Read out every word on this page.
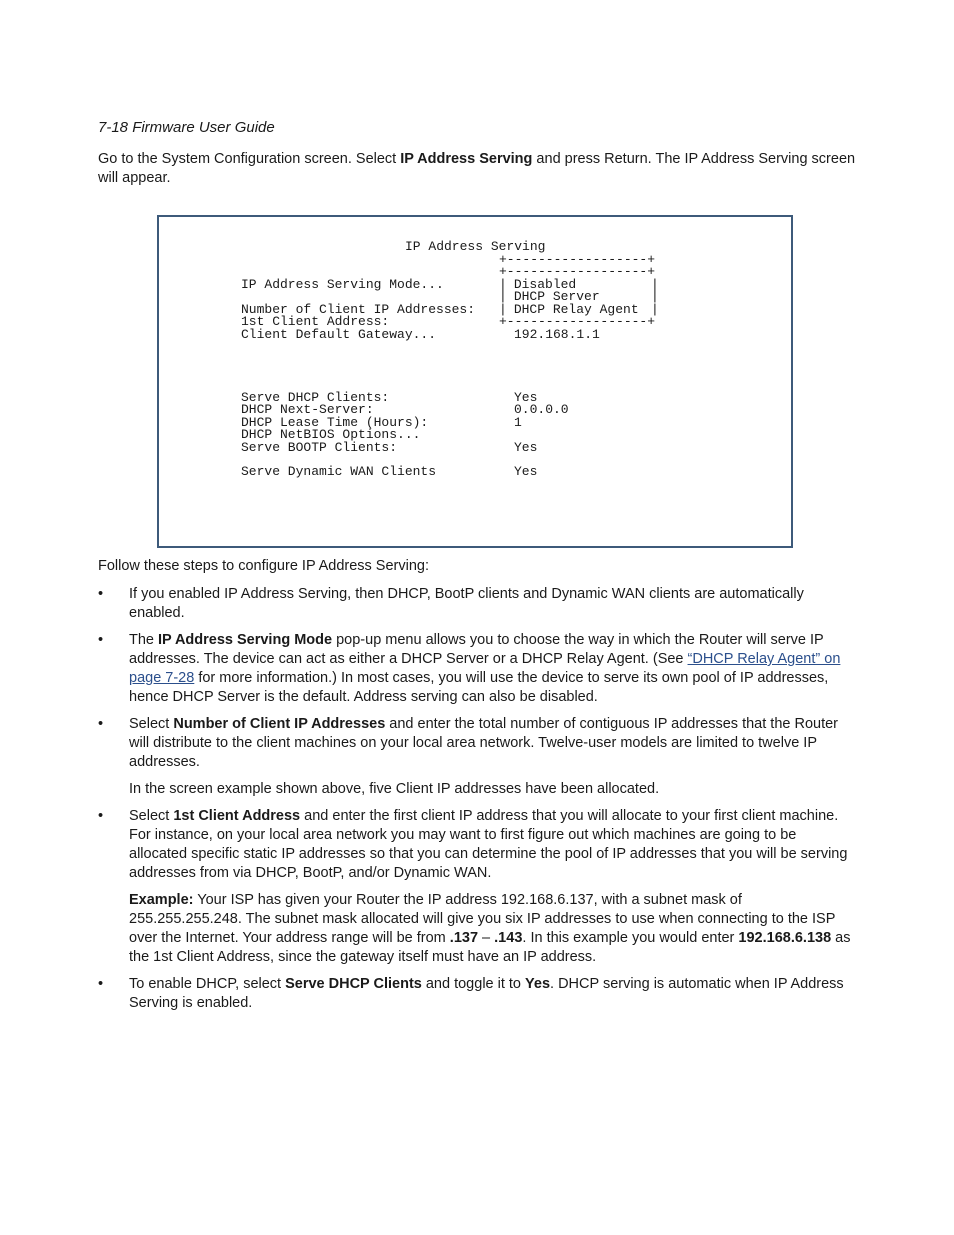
7-18 Firmware User Guide
Go to the System Configuration screen. Select IP Address Serving and press Return. The IP Address Serving screen will appear.
IP Address Serving
+------------------+
+------------------+
IP Address Serving Mode...	| Disabled	|
| DHCP Server	|
Number of Client IP Addresses: | DHCP Relay Agent |
1st Client Address:	+------------------+
Client Default Gateway...	192.168.1.1
Serve DHCP Clients:	Yes
DHCP Next-Server:	0.0.0.0
DHCP Lease Time (Hours):	1
DHCP NetBIOS Options...
Serve BOOTP Clients:	Yes
Serve Dynamic WAN Clients	Yes
Follow these steps to configure IP Address Serving:
• If you enabled IP Address Serving, then DHCP, BootP clients and Dynamic WAN clients are automatically enabled.
• The IP Address Serving Mode pop-up menu allows you to choose the way in which the Router will serve IP addresses. The device can act as either a DHCP Server or a DHCP Relay Agent. (See “DHCP Relay Agent” on page 7-28 for more information.) In most cases, you will use the device to serve its own pool of IP addresses, hence DHCP Server is the default. Address serving can also be disabled.
• Select Number of Client IP Addresses and enter the total number of contiguous IP addresses that the Router will distribute to the client machines on your local area network. Twelve-user models are limited to twelve IP addresses.
In the screen example shown above, five Client IP addresses have been allocated.
• Select 1st Client Address and enter the first client IP address that you will allocate to your first client machine. For instance, on your local area network you may want to first figure out which machines are going to be allocated specific static IP addresses so that you can determine the pool of IP addresses that you will be serving addresses from via DHCP, BootP, and/or Dynamic WAN.
Example: Your ISP has given your Router the IP address 192.168.6.137, with a subnet mask of 255.255.255.248. The subnet mask allocated will give you six IP addresses to use when connecting to the ISP over the Internet. Your address range will be from .137 – .143. In this example you would enter 192.168.6.138 as the 1st Client Address, since the gateway itself must have an IP address.
• To enable DHCP, select Serve DHCP Clients and toggle it to Yes. DHCP serving is automatic when IP Address Serving is enabled.
